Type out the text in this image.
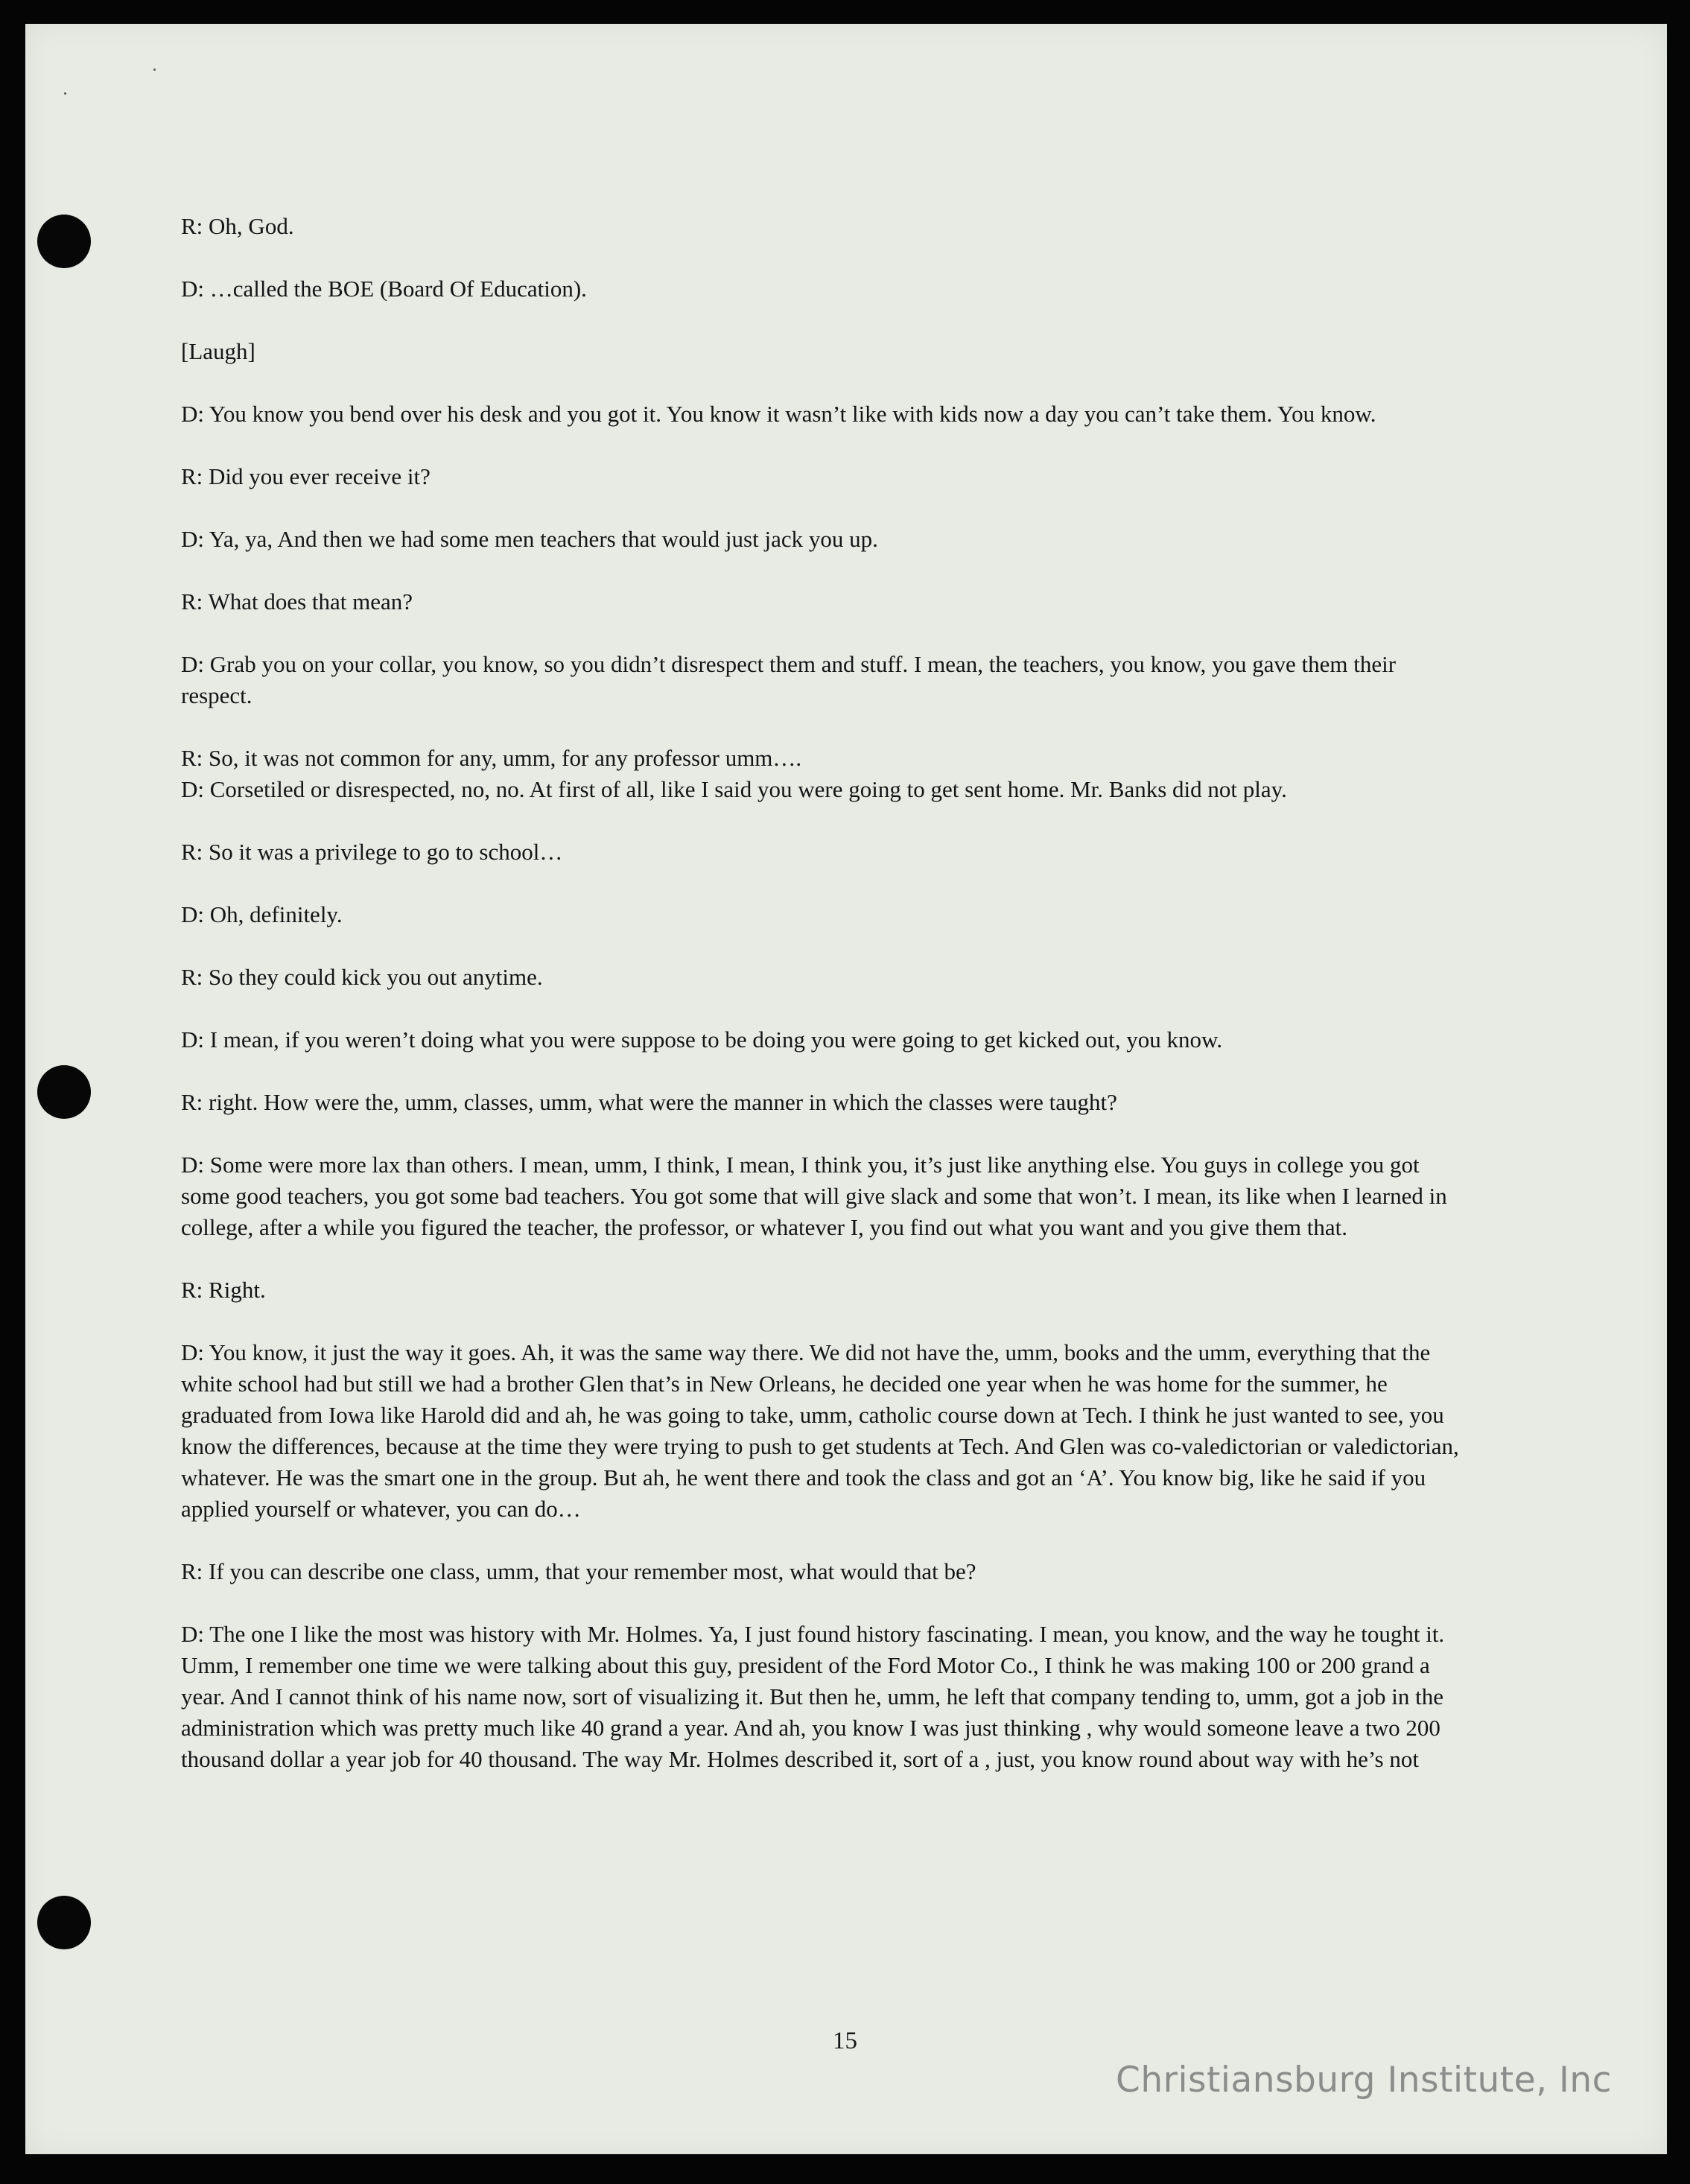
R: Oh, God.

D: …called the BOE (Board Of Education).

[Laugh]

D: You know you bend over his desk and you got it. You know it wasn’t like with kids now a day you can’t take them. You know.

R: Did you ever receive it?

D: Ya, ya, And then we had some men teachers that would just jack you up.

R: What does that mean?

D: Grab you on your collar, you know, so you didn’t disrespect them and stuff. I mean, the teachers, you know, you gave them their respect.

R: So, it was not common for any, umm, for any professor umm….

D: Corsetiled or disrespected, no, no. At first of all, like I said you were going to get sent home. Mr. Banks did not play.

R: So it was a privilege to go to school…

D: Oh, definitely.

R: So they could kick you out anytime.

D: I mean, if you weren’t doing what you were suppose to be doing you were going to get kicked out, you know.

R: right. How were the, umm, classes, umm, what were the manner in which the classes were taught?

D: Some were more lax than others. I mean, umm, I think, I mean, I think you, it’s just like anything else. You guys in college you got some good teachers, you got some bad teachers. You got some that will give slack and some that won’t. I mean, its like when I learned in college, after a while you figured the teacher, the professor, or whatever I, you find out what you want and you give them that.

R: Right.

D: You know, it just the way it goes. Ah, it was the same way there. We did not have the, umm, books and the umm, everything that the white school had but still we had a brother Glen that’s in New Orleans, he decided one year when he was home for the summer, he graduated from Iowa like Harold did and ah, he was going to take, umm, catholic course down at Tech. I think he just wanted to see, you know the differences, because at the time they were trying to push to get students at Tech. And Glen was co-valedictorian or valedictorian, whatever. He was the smart one in the group. But ah, he went there and took the class and got an ‘A’. You know big, like he said if you applied yourself or whatever, you can do…

R: If you can describe one class, umm, that your remember most, what would that be?

D: The one I like the most was history with Mr. Holmes. Ya, I just found history fascinating. I mean, you know, and the way he tought it. Umm, I remember one time we were talking about this guy, president of the Ford Motor Co., I think he was making 100 or 200 grand a year. And I cannot think of his name now, sort of visualizing it. But then he, umm, he left that company tending to, umm, got a job in the administration which was pretty much like 40 grand a year. And ah, you know I was just thinking , why would someone leave a two 200 thousand dollar a year job for 40 thousand. The way Mr. Holmes described it, sort of a , just, you know round about way with he’s not

15
Christiansburg Institute, Inc
